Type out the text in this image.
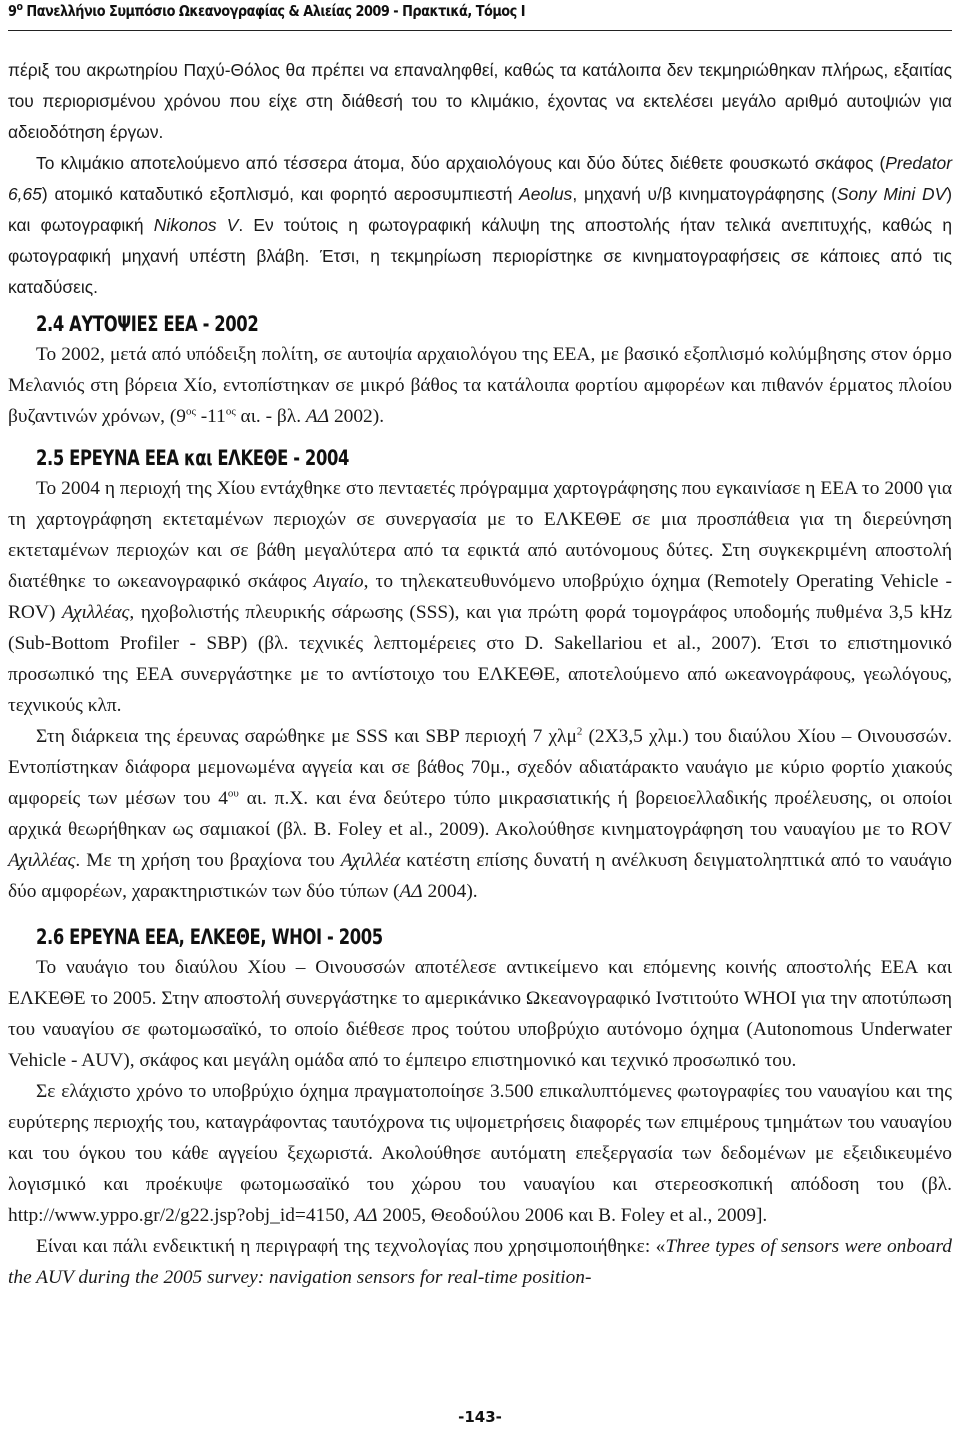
$9^o$ Πανελλήνιο Συμπόσιο Ωκεανογραφίας & Αλιείας 2009 - Πρακτικά, Τόμος Ι

πέριξ του ακρωτηρίου Παχύ-Θόλος θα πρέπει να επαναληφθεί, καθώς τα κατάλοιπα δεν τεκμηριώθηκαν πλήρως, εξαιτίας του περιορισμένου χρόνου που είχε στη διάθεσή του το κλιμάκιο, έχοντας να εκτελέσει μεγάλο αριθμό αυτοψιών για αδειοδότηση έργων.

Το κλιμάκιο αποτελούμενο από τέσσερα άτομα, δύο αρχαιολόγους και δύο δύτες διέθετε φουσκωτό σκάφος (Predator 6,65) ατομικό καταδυτικό εξοπλισμό, και φορητό αεροσυμπιεστή Aeolus, μηχανή υ/β κινηματογράφησης (Sony Mini DV) και φωτογραφική Nikonos V. Εν τούτοις η φωτογραφική κάλυψη της αποστολής ήταν τελικά ανεπιτυχής, καθώς η φωτογραφική μηχανή υπέστη βλάβη. Έτσι, η τεκμηρίωση περιορίστηκε σε κινηματογραφήσεις σε κάποιες από τις καταδύσεις.

2.4 ΑΥΤΟΨΙΕΣ ΕΕΑ - 2002

Το 2002, μετά από υπόδειξη πολίτη, σε αυτοψία αρχαιολόγου της ΕΕΑ, με βασικό εξοπλισμό κολύμβησης στον όρμο Μελανιός στη βόρεια Χίο, εντοπίστηκαν σε μικρό βάθος τα κατάλοιπα φορτίου αμφορέων και πιθανόν έρματος πλοίου βυζαντινών χρόνων, ($9^{o\varsigma}$ $-11^{o\varsigma}$ αι. - βλ. ΑΔ 2002).

2.5 ΕΡΕΥΝΑ ΕΕΑ και ΕΛΚΕΘΕ - 2004

Το 2004 η περιοχή της Χίου εντάχθηκε στο πενταετές πρόγραμμα χαρτογράφησης που εγκαινίασε η ΕΕΑ το 2000 για τη χαρτογράφηση εκτεταμένων περιοχών σε συνεργασία με το ΕΛΚΕΘΕ σε μια προσπάθεια για τη διερεύνηση εκτεταμένων περιοχών και σε βάθη μεγαλύτερα από τα εφικτά από αυτόνομους δύτες. Στη συγκεκριμένη αποστολή διατέθηκε το ωκεανογραφικό σκάφος Αιγαίο, το τηλεκατευθυνόμενο υποβρύχιο όχημα (Remotely Operating Vehicle - ROV) Αχιλλέας, ηχοβολιστής πλευρικής σάρωσης (SSS), και για πρώτη φορά τομογράφος υποδομής πυθμένα 3,5 kHz (Sub-Bottom Profiler - SBP) (βλ. τεχνικές λεπτομέρειες στο D. Sakellariou et al., 2007). Έτσι το επιστημονικό προσωπικό της ΕΕΑ συνεργάστηκε με το αντίστοιχο του ΕΛΚΕΘΕ, αποτελούμενο από ωκεανογράφους, γεωλόγους, τεχνικούς κλπ.

Στη διάρκεια της έρευνας σαρώθηκε με SSS και SBP περιοχή 7 χλμ$^2$ (2Χ3,5 χλμ.) του διαύλου Χίου – Οινουσσών. Εντοπίστηκαν διάφορα μεμονωμένα αγγεία και σε βάθος 70μ., σχεδόν αδιατάρακτο ναυάγιο με κύριο φορτίο χιακούς αμφορείς των μέσων του $4^{o\upsilon}$ αι. π.Χ. και ένα δεύτερο τύπο μικρασιατικής ή βορειοελλαδικής προέλευσης, οι οποίοι αρχικά θεωρήθηκαν ως σαμιακοί (βλ. B. Foley et al., 2009). Ακολούθησε κινηματογράφηση του ναυαγίου με το ROV Αχιλλέας. Με τη χρήση του βραχίονα του Αχιλλέα κατέστη επίσης δυνατή η ανέλκυση δειγματοληπτικά από το ναυάγιο δύο αμφορέων, χαρακτηριστικών των δύο τύπων (ΑΔ 2004).

2.6 ΕΡΕΥΝΑ ΕΕΑ, ΕΛΚΕΘΕ, WHOI - 2005

Το ναυάγιο του διαύλου Χίου – Οινουσσών αποτέλεσε αντικείμενο και επόμενης κοινής αποστολής ΕΕΑ και ΕΛΚΕΘΕ το 2005. Στην αποστολή συνεργάστηκε το αμερικάνικο Ωκεανογραφικό Ινστιτούτο WHOI για την αποτύπωση του ναυαγίου σε φωτομωσαϊκό, το οποίο διέθεσε προς τούτου υποβρύχιο αυτόνομο όχημα (Autonomous Underwater Vehicle - AUV), σκάφος και μεγάλη ομάδα από το έμπειρο επιστημονικό και τεχνικό προσωπικό του.

Σε ελάχιστο χρόνο το υποβρύχιο όχημα πραγματοποίησε 3.500 επικαλυπτόμενες φωτογραφίες του ναυαγίου και της ευρύτερης περιοχής του, καταγράφοντας ταυτόχρονα τις υψομετρήσεις διαφορές των επιμέρους τμημάτων του ναυαγίου και του όγκου του κάθε αγγείου ξεχωριστά. Ακολούθησε αυτόματη επεξεργασία των δεδομένων με εξειδικευμένο λογισμικό και προέκυψε φωτομωσαϊκό του χώρου του ναυαγίου και στερεοσκοπική απόδοση του (βλ. http://www.yppo.gr/2/g22.jsp?obj_id=4150, ΑΔ 2005, Θεοδούλου 2006 και B. Foley et al., 2009].

Είναι και πάλι ενδεικτική η περιγραφή της τεχνολογίας που χρησιμοποιήθηκε: «Three types of sensors were onboard the AUV during the 2005 survey: navigation sensors for real-time position-

-143-
